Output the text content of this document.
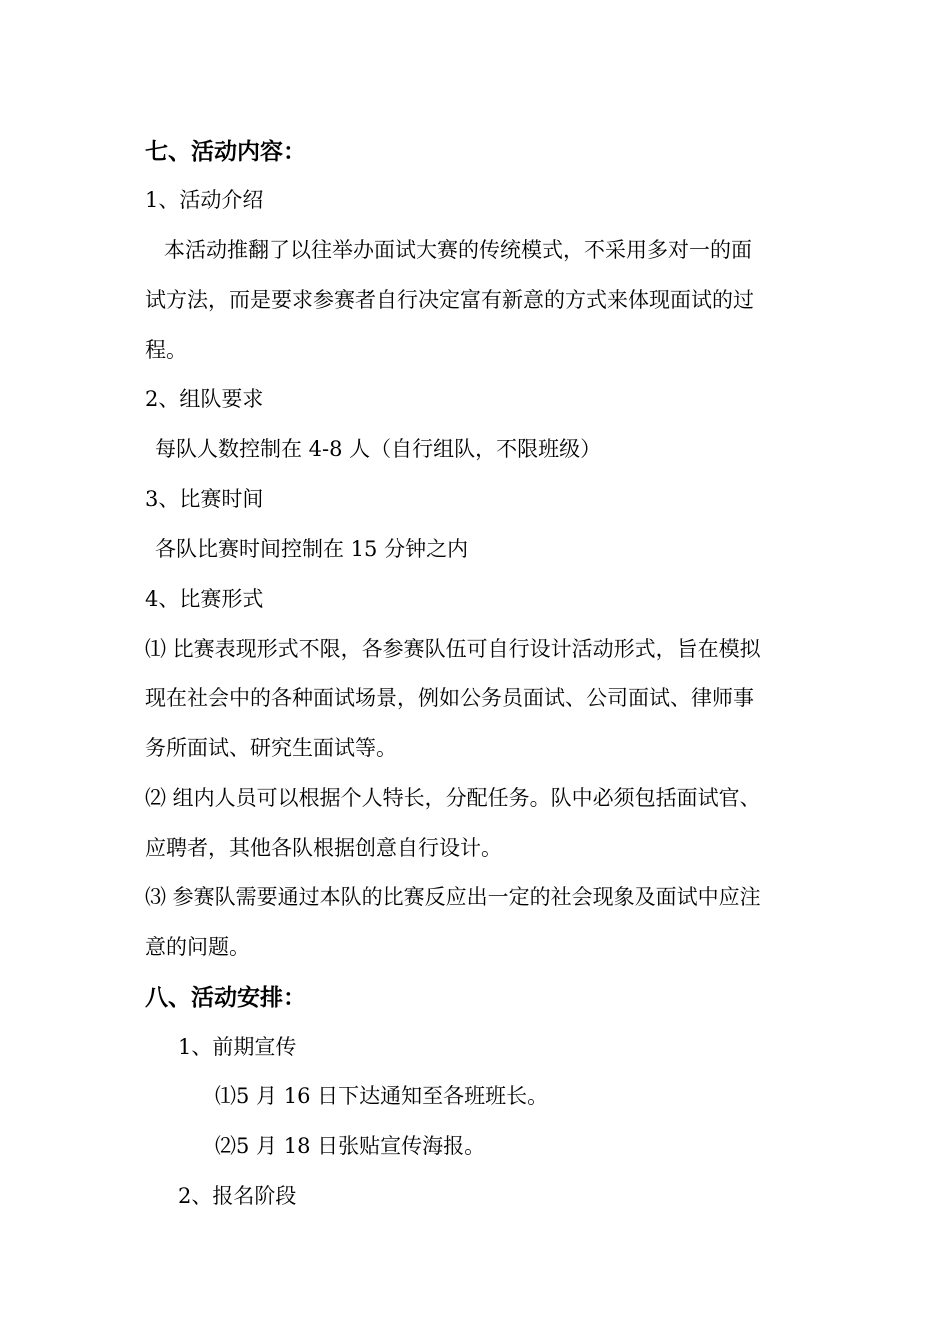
七、活动内容：
1、活动介绍
本活动推翻了以往举办面试大赛的传统模式，不采用多对一的面
试方法，而是要求参赛者自行决定富有新意的方式来体现面试的过
程。
2、组队要求
每队人数控制在 4-8 人（自行组队，不限班级）
3、比赛时间
各队比赛时间控制在 15 分钟之内
4、比赛形式
⑴ 比赛表现形式不限，各参赛队伍可自行设计活动形式，旨在模拟
现在社会中的各种面试场景，例如公务员面试、公司面试、律师事
务所面试、研究生面试等。
⑵ 组内人员可以根据个人特长，分配任务。队中必须包括面试官、
应聘者，其他各队根据创意自行设计。
⑶ 参赛队需要通过本队的比赛反应出一定的社会现象及面试中应注
意的问题。
八、活动安排：
1、前期宣传
⑴5 月 16 日下达通知至各班班长。
⑵5 月 18 日张贴宣传海报。
2、报名阶段
